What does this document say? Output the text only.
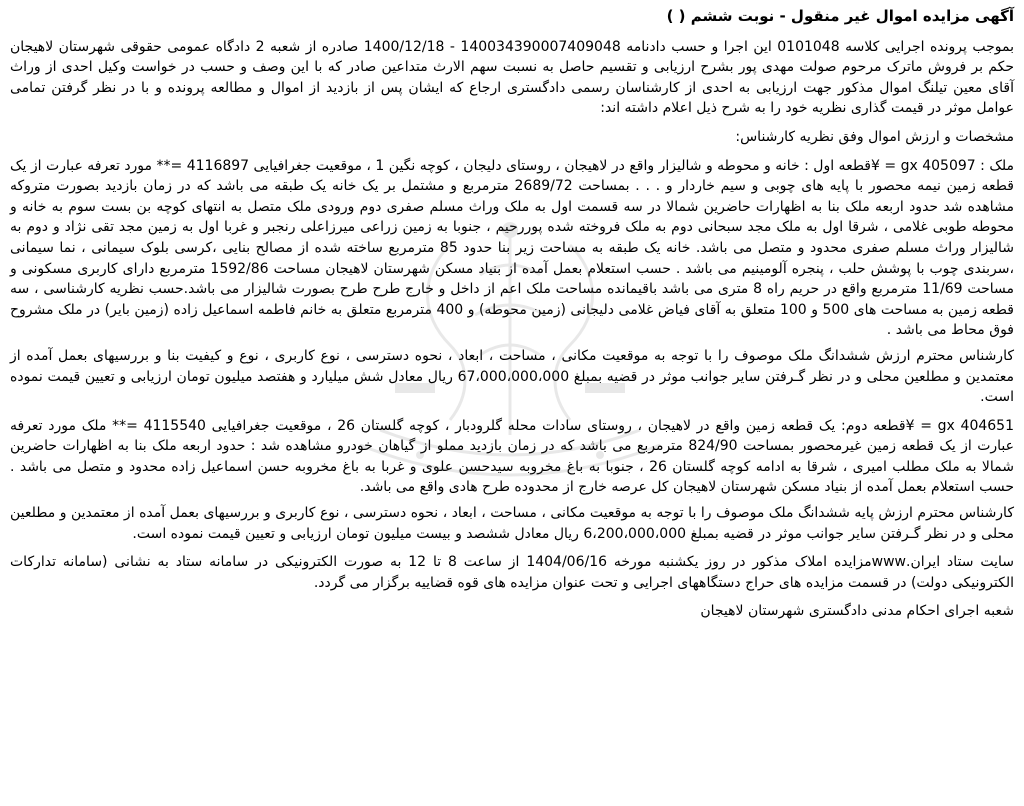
آگهی مزایده اموال غیر منقول - نوبت ششم ( )

بموجب پرونده اجرایی کلاسه 0101048 این اجرا و حسب دادنامه 140034390007409048 - 1400/12/18 صادره از شعبه 2 دادگاه عمومی حقوقی شهرستان لاهیجان حکم بر فروش ماترک مرحوم صولت مهدی پور بشرح ارزیابی و تقسیم حاصل به نسبت سهم الارث متداعین صادر که با این وصف و حسب در خواست وکیل احدی از وراث آقای معین تیلنگ اموال مذکور جهت ارزیابی به احدی از کارشناسان رسمی دادگستری ارجاع که ایشان پس از بازدید از اموال و مطالعه پرونده و با در نظر گرفتن تمامی عوامل موثر در قیمت گذاری نظریه خود را به شرح ذیل اعلام داشته اند:

مشخصات و ارزش اموال وفق نظریه کارشناس:

ملک : gx 405097 = ¥قطعه اول : خانه و محوطه و شالیزار واقع در لاهیجان ، روستای دلیجان ، کوچه نگین 1 ، موقعیت جغرافیایی 4116897 =** مورد تعرفه عبارت از یک قطعه زمین نیمه محصور با پایه های چوبی و سیم خاردار و . . . بمساحت 2689/72 مترمربع و مشتمل بر یک خانه یک طبقه می باشد که در زمان بازدید بصورت متروکه مشاهده شد حدود اربعه ملک بنا به اظهارات حاضرین شمالا در سه قسمت اول به ملک وراث مسلم صفری دوم ورودی ملک متصل به انتهای کوچه بن بست سوم به خانه و محوطه طوبی غلامی ، شرقا اول به ملک مجد سبحانی دوم به ملک فروخته شده پوررحیم ، جنوبا به زمین زراعی میرزاعلی رنجبر و غربا اول به زمین مجد تقی نژاد و دوم به شالیزار وراث مسلم صفری محدود و متصل می باشد. خانه یک طبقه به مساحت زیر بنا حدود 85 مترمربع ساخته شده از مصالح بنایی ،کرسی بلوک سیمانی ، نما سیمانی ،سربندی چوب با پوشش حلب ، پنجره آلومینیم می باشد . حسب استعلام بعمل آمده از بنیاد مسکن شهرستان لاهیجان مساحت 1592/86 مترمربع دارای کاربری مسکونی و مساحت 11/69 مترمربع واقع در حریم راه 8 متری می باشد باقیمانده مساحت ملک اعم از داخل و خارج طرح طرح بصورت شالیزار می باشد.حسب نظریه کارشناسی ، سه قطعه زمین به مساحت های 500 و 100 متعلق به آقای فیاض غلامی دلیجانی (زمین محوطه) و 400 مترمربع متعلق به خانم فاطمه اسماعیل زاده (زمین بایر) در ملک مشروح فوق محاط می باشد .

کارشناس محترم ارزش ششدانگ ملک موصوف را با توجه به موقعیت مکانی ، مساحت ، ابعاد ، نحوه دسترسی ، نوع کاربری ، نوع و کیفیت بنا و بررسیهای بعمل آمده از معتمدین و مطلعین محلی و در نظر گـرفتن سایر جوانب موثر در قضیه بمبلغ 67،000،000،000 ریال معادل شش میلیارد و هفتصد میلیون تومان ارزیابی و تعیین قیمت نموده است.

gx 404651 = ¥قطعه دوم: یک قطعه زمین واقع در لاهیجان ، روستای سادات محله گلرودبار ، کوچه گلستان 26 ، موقعیت جغرافیایی 4115540 =** ملک مورد تعرفه عبارت از یک قطعه زمین غیرمحصور بمساحت 824/90 مترمربع می باشد که در زمان بازدید مملو از گیاهان خودرو مشاهده شد : حدود اربعه ملک بنا به اظهارات حاضرین شمالا به ملک مطلب امیری ، شرقا به ادامه کوچه گلستان 26 ، جنوبا به باغ مخروبه سیدحسن علوی و غربا به باغ مخروبه حسن اسماعیل زاده محدود و متصل می باشد . حسب استعلام بعمل آمده از بنیاد مسکن شهرستان لاهیجان کل عرصه خارج از محدوده طرح هادی واقع می باشد.

کارشناس محترم ارزش پایه ششدانگ ملک موصوف را با توجه به موقعیت مکانی ، مساحت ، ابعاد ، نحوه دسترسی ، نوع کاربری و بررسیهای بعمل آمده از معتمدین و مطلعین محلی و در نظر گـرفتن سایر جوانب موثر در قضیه بمبلغ 6،200،000،000 ریال معادل ششصد و بیست میلیون تومان ارزیابی و تعیین قیمت نموده است.

سایت ستاد ایران.wwwمزایده املاک مذکور در روز یکشنبه مورخه 1404/06/16 از ساعت 8 تا 12 به صورت الکترونیکی در سامانه ستاد به نشانی (سامانه تدارکات الکترونیکی دولت) در قسمت مزایده های حراج دستگاههای اجرایی و تحت عنوان مزایده های قوه قضاییه برگزار می گردد.

شعبه اجرای احکام مدنی دادگستری شهرستان لاهیجان
